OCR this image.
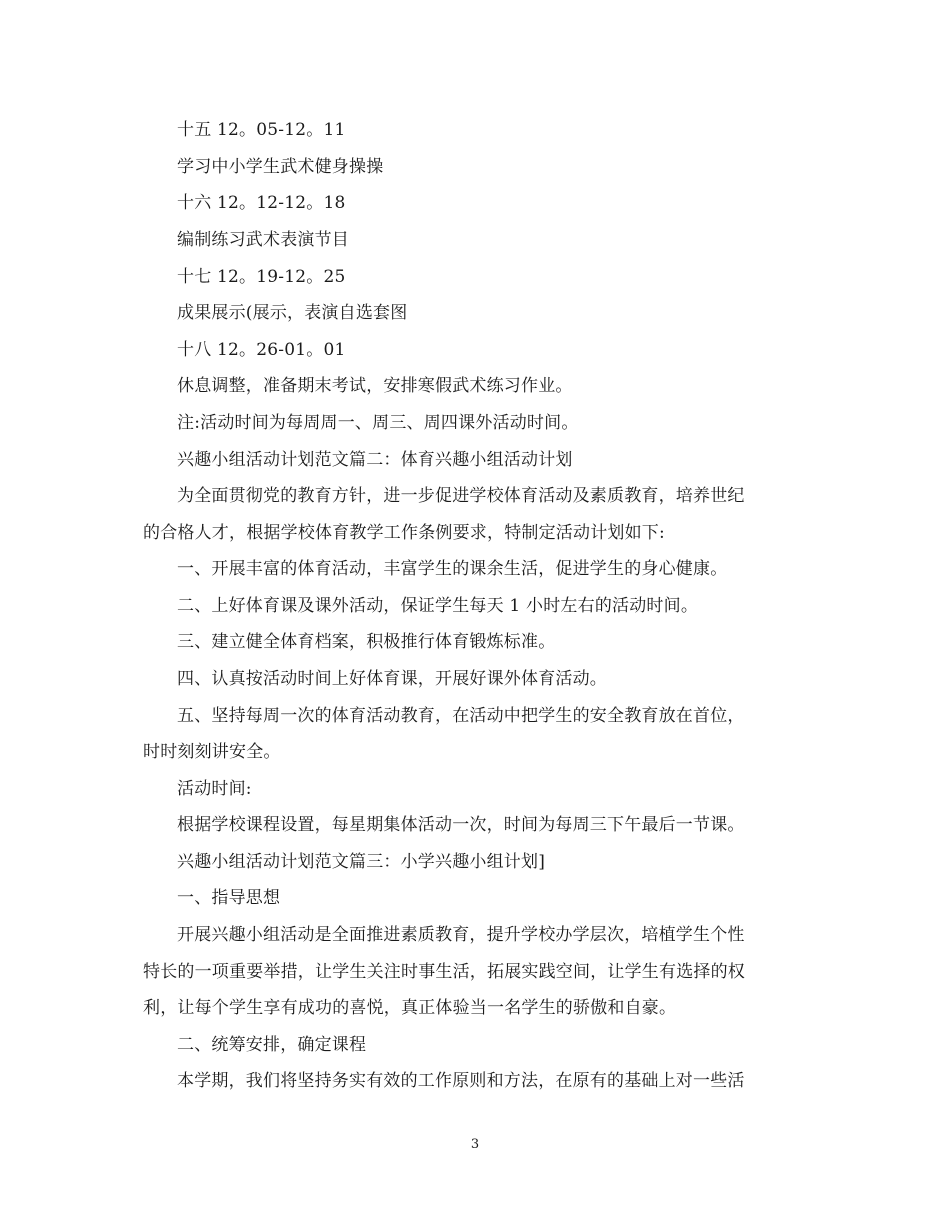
十五 12。05-12。11
学习中小学生武术健身操操
十六 12。12-12。18
编制练习武术表演节目
十七 12。19-12。25
成果展示(展示，表演自选套图
十八 12。26-01。01
休息调整，准备期末考试，安排寒假武术练习作业。
注:活动时间为每周周一、周三、周四课外活动时间。
兴趣小组活动计划范文篇二：体育兴趣小组活动计划
为全面贯彻党的教育方针，进一步促进学校体育活动及素质教育，培养世纪
的合格人才，根据学校体育教学工作条例要求，特制定活动计划如下:
一、开展丰富的体育活动，丰富学生的课余生活，促进学生的身心健康。
二、上好体育课及课外活动，保证学生每天 1 小时左右的活动时间。
三、建立健全体育档案，积极推行体育锻炼标准。
四、认真按活动时间上好体育课，开展好课外体育活动。
五、坚持每周一次的体育活动教育，在活动中把学生的安全教育放在首位，
时时刻刻讲安全。
活动时间:
根据学校课程设置，每星期集体活动一次，时间为每周三下午最后一节课。
兴趣小组活动计划范文篇三：小学兴趣小组计划]
一、指导思想
开展兴趣小组活动是全面推进素质教育，提升学校办学层次，培植学生个性
特长的一项重要举措，让学生关注时事生活，拓展实践空间，让学生有选择的权
利，让每个学生享有成功的喜悦，真正体验当一名学生的骄傲和自豪。
二、统筹安排，确定课程
本学期，我们将坚持务实有效的工作原则和方法，在原有的基础上对一些活
3
